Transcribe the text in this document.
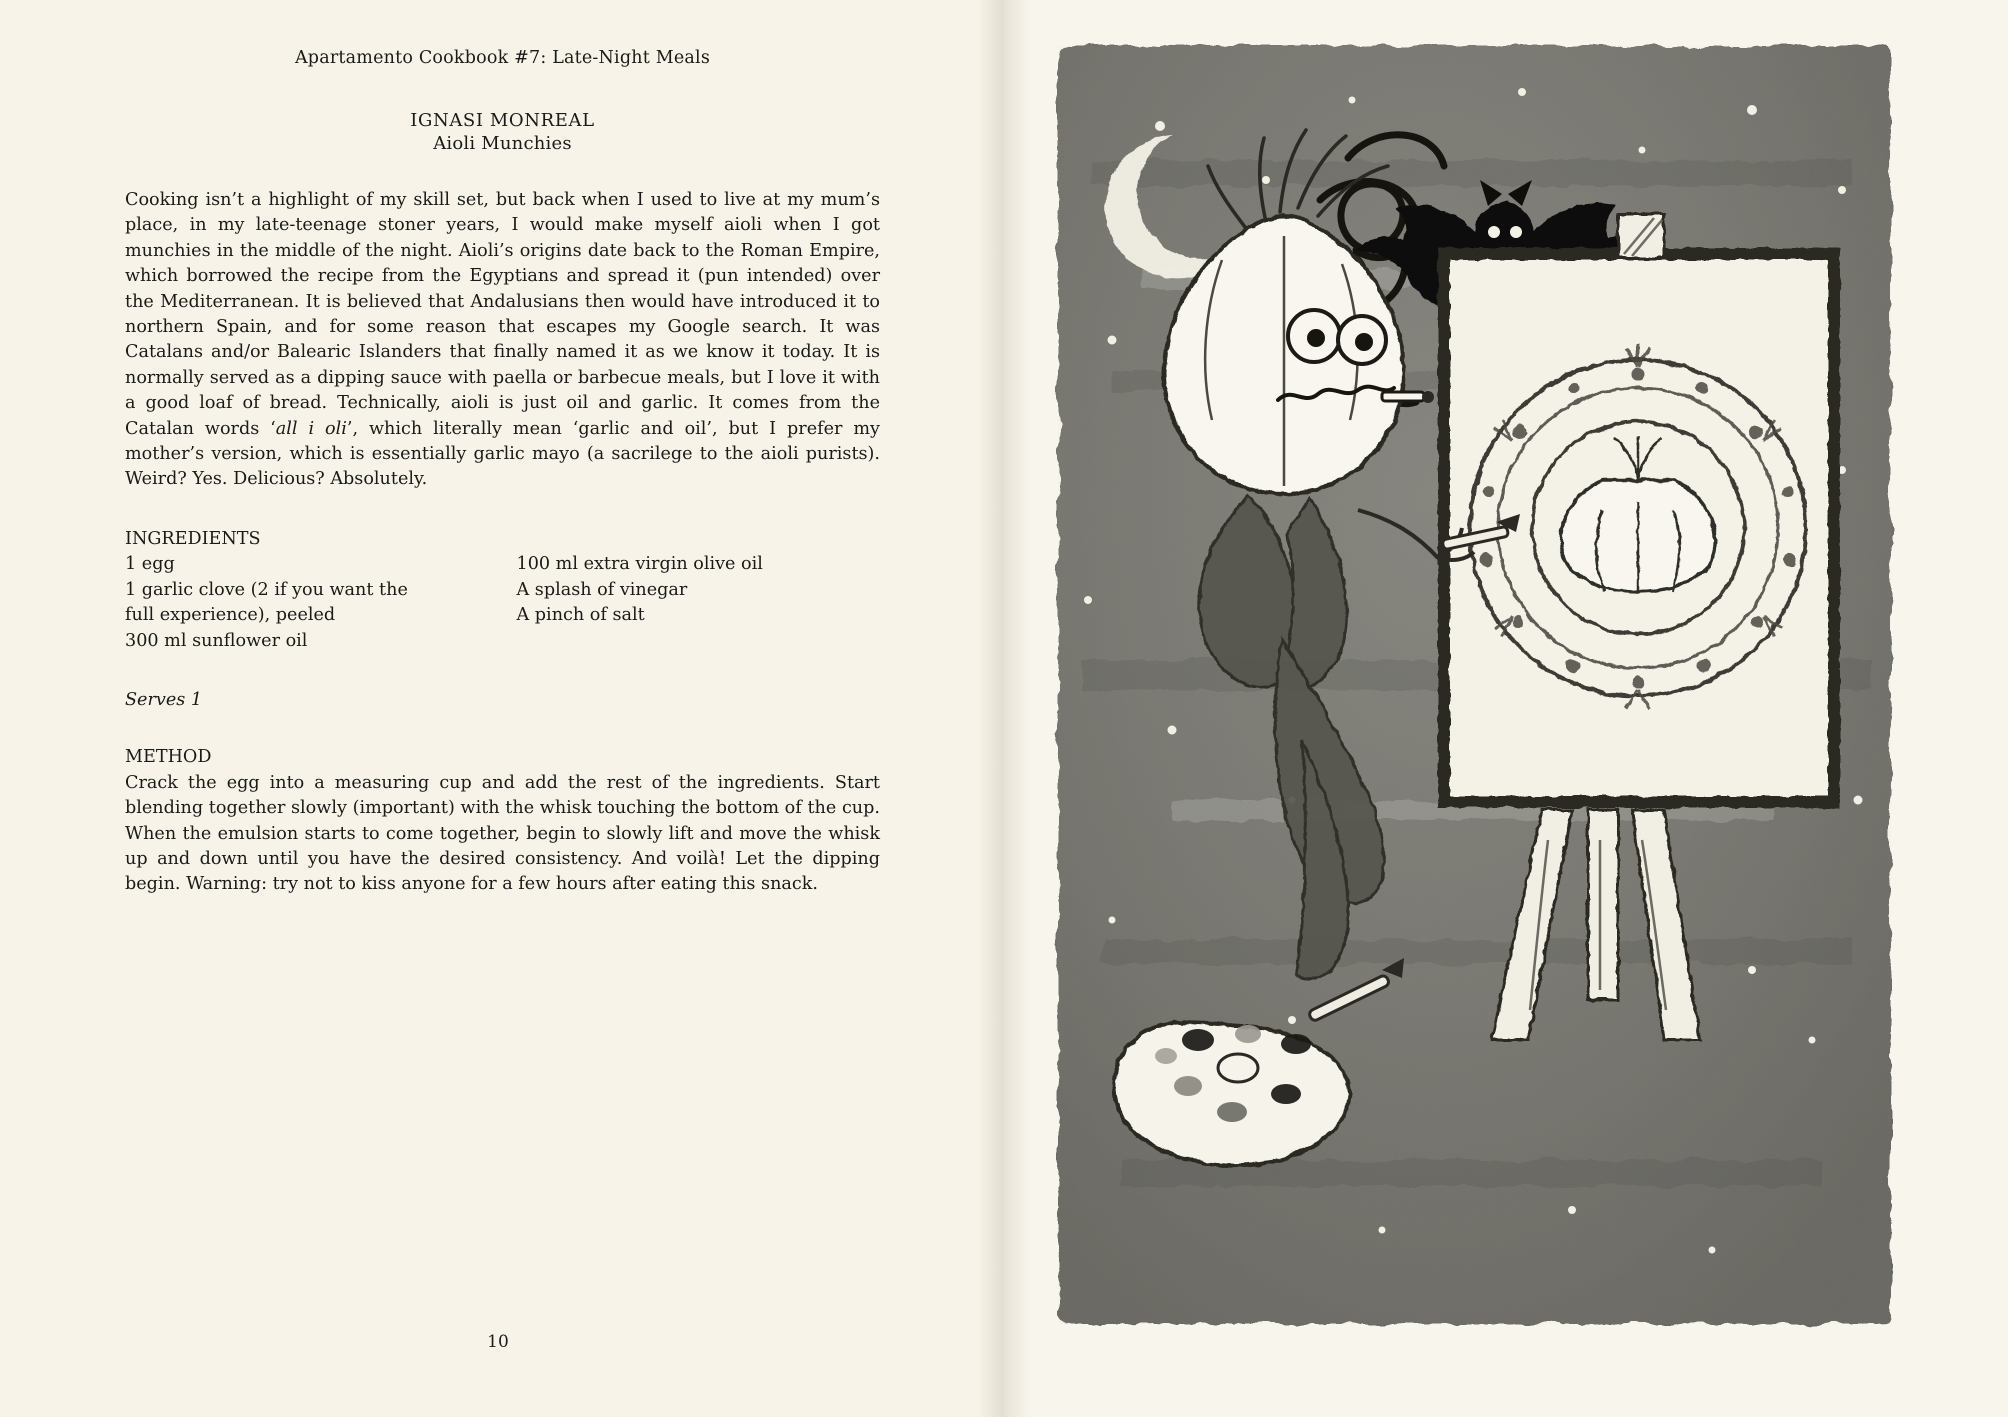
Apartamento Cookbook #7: Late-Night Meals
IGNASI MONREAL
Aioli Munchies

Cooking isn’t a highlight of my skill set, but back when I used to live at my mum’s place, in my late-teenage stoner years, I would make myself aioli when I got munchies in the middle of the night. Aioli’s origins date back to the Roman Empire, which borrowed the recipe from the Egyptians and spread it (pun intended) over the Mediterranean. It is believed that Andalusians then would have introduced it to northern Spain, and for some reason that escapes my Google search. It was Catalans and/or Balearic Islanders that finally named it as we know it today. It is normally served as a dipping sauce with paella or barbecue meals, but I love it with a good loaf of bread. Technically, aioli is just oil and garlic. It comes from the Catalan words ‘all i oli’, which literally mean ‘garlic and oil’, but I prefer my mother’s version, which is essentially garlic mayo (a sacrilege to the aioli purists). Weird? Yes. Delicious? Absolutely.

INGREDIENTS
1 egg
1 garlic clove (2 if you want the
full experience), peeled
300 ml sunflower oil
100 ml extra virgin olive oil
A splash of vinegar
A pinch of salt
Serves 1
METHOD

Crack the egg into a measuring cup and add the rest of the ingredients. Start blending together slowly (important) with the whisk touching the bottom of the cup. When the emulsion starts to come together, begin to slowly lift and move the whisk up and down until you have the desired consistency. And voilà! Let the dipping begin. Warning: try not to kiss anyone for a few hours after eating this snack.

10
